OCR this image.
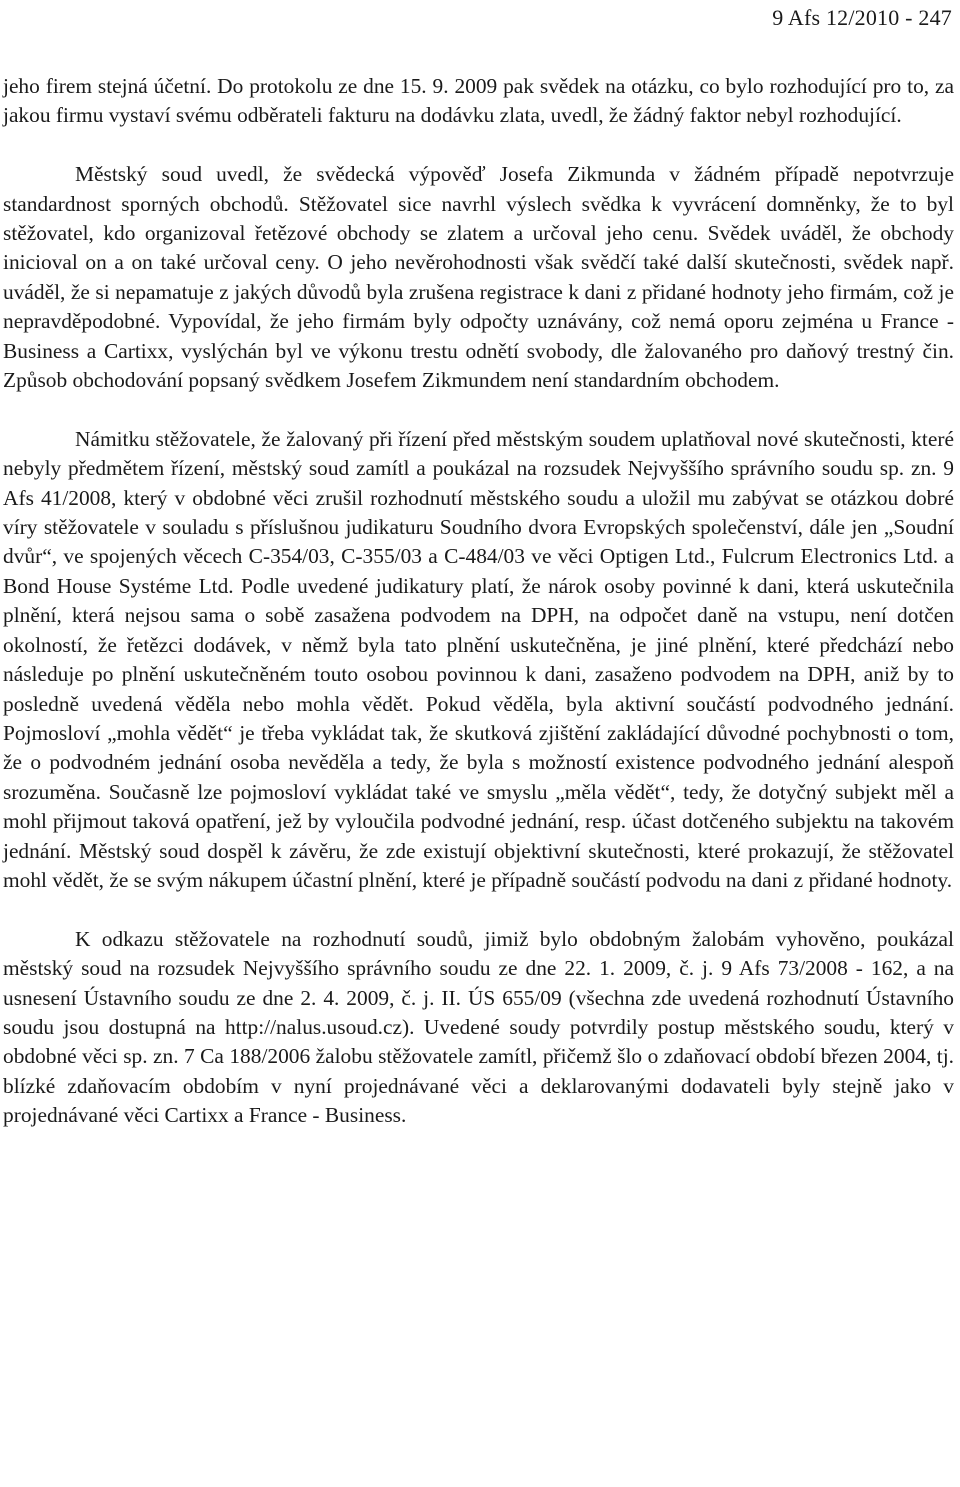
9 Afs 12/2010 - 247

jeho firem stejná účetní. Do protokolu ze dne 15. 9. 2009 pak svědek na otázku, co bylo rozhodující pro to, za jakou firmu vystaví svému odběrateli fakturu na dodávku zlata, uvedl, že žádný faktor nebyl rozhodující.

Městský soud uvedl, že svědecká výpověď Josefa Zikmunda v žádném případě nepotvrzuje standardnost sporných obchodů. Stěžovatel sice navrhl výslech svědka k vyvrácení domněnky, že to byl stěžovatel, kdo organizoval řetězové obchody se zlatem a určoval jeho cenu. Svědek uváděl, že obchody inicioval on a on také určoval ceny. O jeho nevěrohodnosti však svědčí také další skutečnosti, svědek např. uváděl, že si nepamatuje z jakých důvodů byla zrušena registrace k dani z přidané hodnoty jeho firmám, což je nepravděpodobné. Vypovídal, že jeho firmám byly odpočty uznávány, což nemá oporu zejména u France - Business a Cartixx, vyslýchán byl ve výkonu trestu odnětí svobody, dle žalovaného pro daňový trestný čin. Způsob obchodování popsaný svědkem Josefem Zikmundem není standardním obchodem.

Námitku stěžovatele, že žalovaný při řízení před městským soudem uplatňoval nové skutečnosti, které nebyly předmětem řízení, městský soud zamítl a poukázal na rozsudek Nejvyššího správního soudu sp. zn. 9 Afs 41/2008, který v obdobné věci zrušil rozhodnutí městského soudu a uložil mu zabývat se otázkou dobré víry stěžovatele v souladu s příslušnou judikaturu Soudního dvora Evropských společenství, dále jen „Soudní dvůr“, ve spojených věcech C-354/03, C-355/03 a C-484/03 ve věci Optigen Ltd., Fulcrum Electronics Ltd. a Bond House Systéme Ltd. Podle uvedené judikatury platí, že nárok osoby povinné k dani, která uskutečnila plnění, která nejsou sama o sobě zasažena podvodem na DPH, na odpočet daně na vstupu, není dotčen okolností, že řetězci dodávek, v němž byla tato plnění uskutečněna, je jiné plnění, které předchází nebo následuje po plnění uskutečněném touto osobou povinnou k dani, zasaženo podvodem na DPH, aniž by to posledně uvedená věděla nebo mohla vědět. Pokud věděla, byla aktivní součástí podvodného jednání. Pojmosloví „mohla vědět“ je třeba vykládat tak, že skutková zjištění zakládající důvodné pochybnosti o tom, že o podvodném jednání osoba nevěděla a tedy, že byla s možností existence podvodného jednání alespoň srozuměna. Současně lze pojmosloví vykládat také ve smyslu „měla vědět“, tedy, že dotyčný subjekt měl a mohl přijmout taková opatření, jež by vyloučila podvodné jednání, resp. účast dotčeného subjektu na takovém jednání. Městský soud dospěl k závěru, že zde existují objektivní skutečnosti, které prokazují, že stěžovatel mohl vědět, že se svým nákupem účastní plnění, které je případně součástí podvodu na dani z přidané hodnoty.

K odkazu stěžovatele na rozhodnutí soudů, jimiž bylo obdobným žalobám vyhověno, poukázal městský soud na rozsudek Nejvyššího správního soudu ze dne 22. 1. 2009, č. j. 9 Afs 73/2008 - 162, a na usnesení Ústavního soudu ze dne 2. 4. 2009, č. j. II. ÚS 655/09 (všechna zde uvedená rozhodnutí Ústavního soudu jsou dostupná na http://nalus.usoud.cz). Uvedené soudy potvrdily postup městského soudu, který v obdobné věci sp. zn. 7 Ca 188/2006 žalobu stěžovatele zamítl, přičemž šlo o zdaňovací období březen 2004, tj. blízké zdaňovacím obdobím v nyní projednávané věci a deklarovanými dodavateli byly stejně jako v projednávané věci Cartixx a France - Business.
